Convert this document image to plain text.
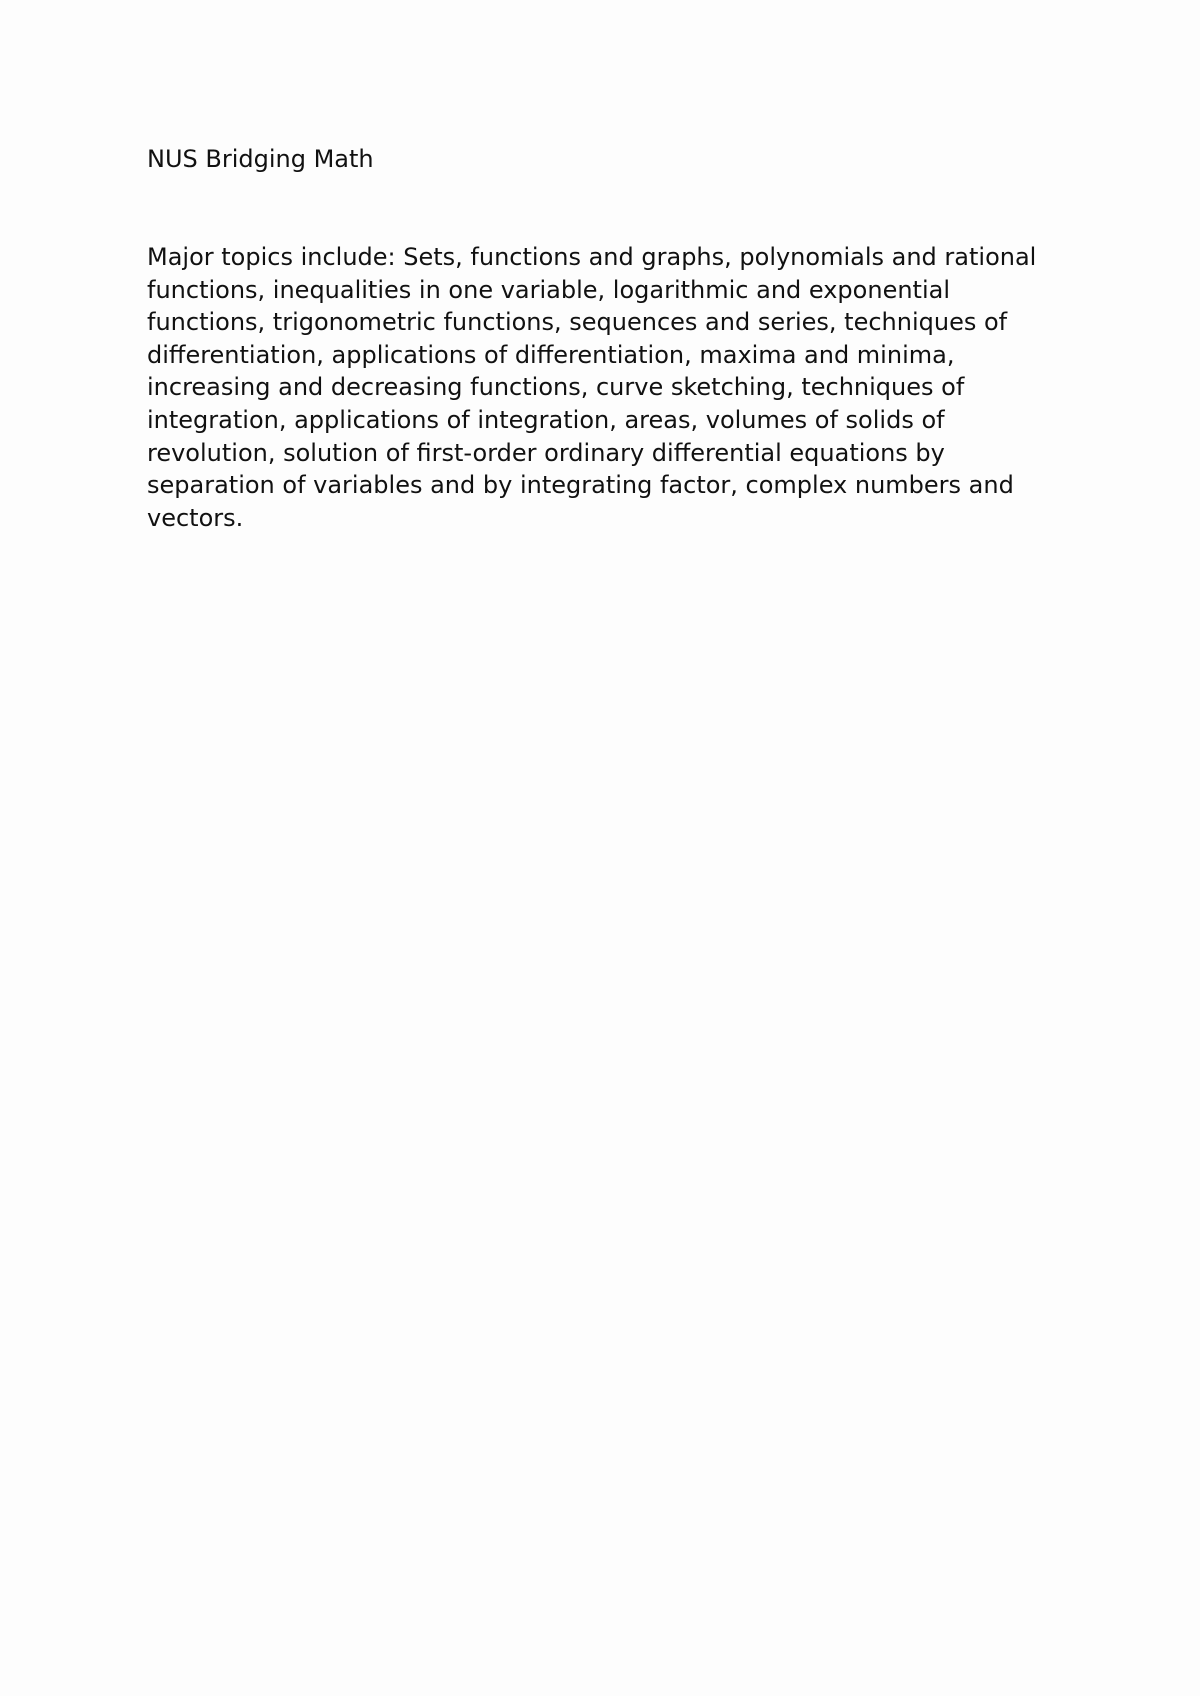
NUS Bridging Math

Major topics include: Sets, functions and graphs, polynomials and rational
functions, inequalities in one variable, logarithmic and exponential
functions, trigonometric functions, sequences and series, techniques of
differentiation, applications of differentiation, maxima and minima,
increasing and decreasing functions, curve sketching, techniques of
integration, applications of integration, areas, volumes of solids of
revolution, solution of first-order ordinary differential equations by
separation of variables and by integrating factor, complex numbers and
vectors.
